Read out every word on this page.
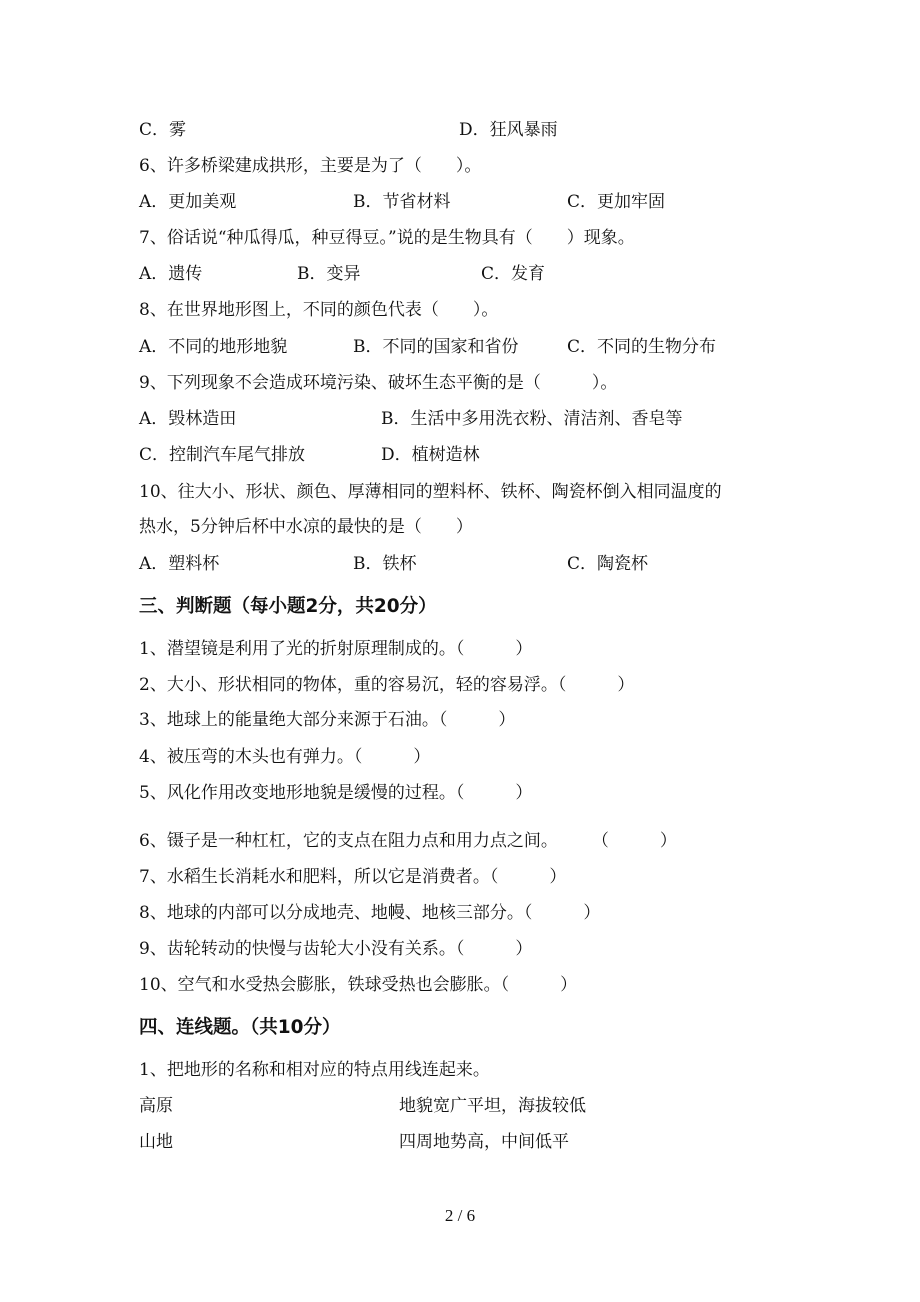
zixin.com.cn
C．雾	D．狂风暴雨
6、许多桥梁建成拱形，主要是为了（　　）。
A．更加美观	B．节省材料	C．更加牢固
7、俗话说“种瓜得瓜，种豆得豆。”说的是生物具有（　　）现象。
A．遗传	B．变异	C．发育
8、在世界地形图上，不同的颜色代表（　　）。
A．不同的地形地貌	B．不同的国家和省份	C．不同的生物分布
9、下列现象不会造成环境污染、破坏生态平衡的是（　　　）。
A．毁林造田	B．生活中多用洗衣粉、清洁剂、香皂等
C．控制汽车尾气排放	D．植树造林
10、往大小、形状、颜色、厚薄相同的塑料杯、铁杯、陶瓷杯倒入相同温度的
热水，5分钟后杯中水凉的最快的是（　　）
A．塑料杯	B．铁杯	C．陶瓷杯
三、判断题（每小题2分，共20分）
1、潜望镜是利用了光的折射原理制成的。（　　　）
2、大小、形状相同的物体，重的容易沉，轻的容易浮。（　　　）
3、地球上的能量绝大部分来源于石油。（　　　）
4、被压弯的木头也有弹力。（　　　）
5、风化作用改变地形地貌是缓慢的过程。（　　　）
6、镊子是一种杠杠，它的支点在阻力点和用力点之间。　　　（　　　）
7、水稻生长消耗水和肥料，所以它是消费者。（　　　）
8、地球的内部可以分成地壳、地幔、地核三部分。（　　　）
9、齿轮转动的快慢与齿轮大小没有关系。（　　　）
10、空气和水受热会膨胀，铁球受热也会膨胀。（　　　）
四、连线题。（共10分）
1、把地形的名称和相对应的特点用线连起来。
高原	地貌宽广平坦，海拔较低
山地	四周地势高，中间低平
2 / 6
